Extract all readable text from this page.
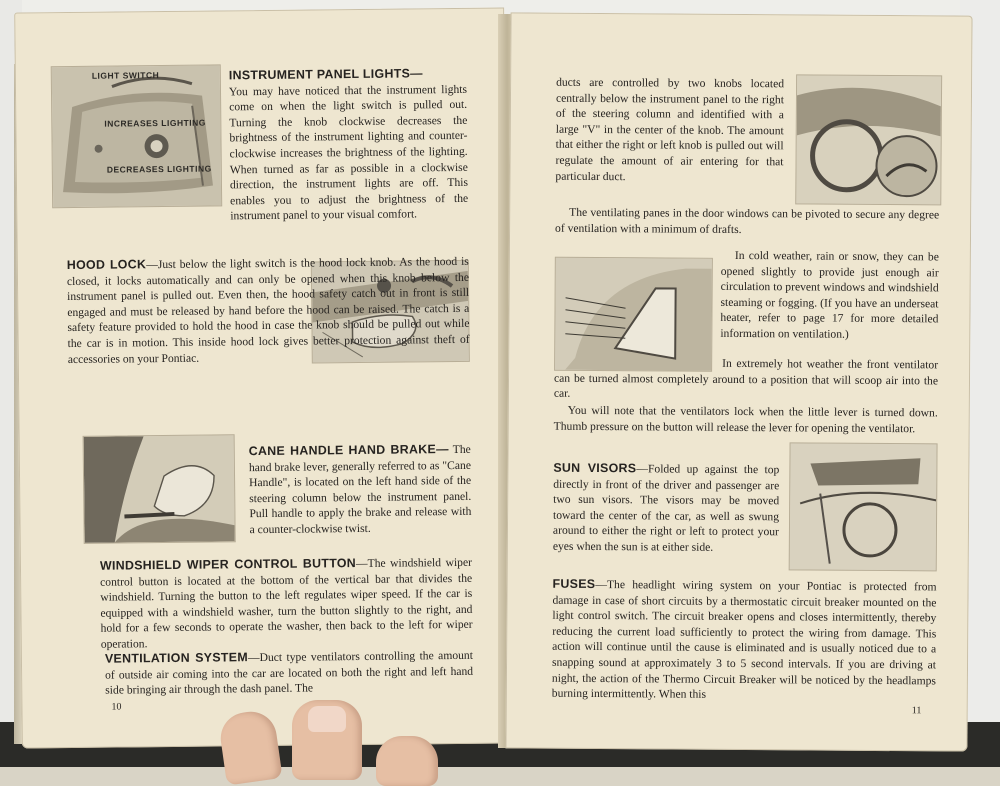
LIGHT SWITCH
INCREASES LIGHTING
DECREASES LIGHTING

INSTRUMENT PANEL LIGHTS—
You may have noticed that the instrument lights come on when the light switch is pulled out. Turning the knob clockwise decreases the brightness of the instrument lighting and counter-clockwise increases the brightness of the lighting. When turned as far as possible in a clockwise direction, the instrument lights are off. This enables you to adjust the brightness of the instrument panel to your visual comfort.

HOOD LOCK—Just below the light switch is the hood lock knob. As the hood is closed, it locks automatically and can only be opened when this knob below the instrument panel is pulled out. Even then, the hood safety catch out in front is still engaged and must be released by hand before the hood can be raised. The catch is a safety feature provided to hold the hood in case the knob should be pulled out while the car is in motion. This inside hood lock gives better protection against theft of accessories on your Pontiac.

CANE HANDLE HAND BRAKE— The hand brake lever, generally referred to as "Cane Handle", is located on the left hand side of the steering column below the instrument panel. Pull handle to apply the brake and release with a counter-clockwise twist.

WINDSHIELD WIPER CONTROL BUTTON—The windshield wiper control button is located at the bottom of the vertical bar that divides the windshield. Turning the button to the left regulates wiper speed. If the car is equipped with a windshield washer, turn the button slightly to the right, and hold for a few seconds to operate the washer, then back to the left for wiper operation.

VENTILATION SYSTEM—Duct type ventilators controlling the amount of outside air coming into the car are located on both the right and left hand side bringing air through the dash panel. The

10

ducts are controlled by two knobs located centrally below the instrument panel to the right of the steering column and identified with a large "V" in the center of the knob. The amount that either the right or left knob is pulled out will regulate the amount of air entering for that particular duct.

The ventilating panes in the door windows can be pivoted to secure any degree of ventilation with a minimum of drafts.

In cold weather, rain or snow, they can be opened slightly to provide just enough air circulation to prevent windows and windshield steaming or fogging. (If you have an underseat heater, refer to page 17 for more detailed information on ventilation.)

In extremely hot weather the front ventilator can be turned almost completely around to a position that will scoop air into the car.

You will note that the ventilators lock when the little lever is turned down. Thumb pressure on the button will release the lever for opening the ventilator.

SUN VISORS—Folded up against the top directly in front of the driver and passenger are two sun visors. The visors may be moved toward the center of the car, as well as swung around to either the right or left to protect your eyes when the sun is at either side.

FUSES—The headlight wiring system on your Pontiac is protected from damage in case of short circuits by a thermostatic circuit breaker mounted on the light control switch. The circuit breaker opens and closes intermittently, thereby reducing the current load sufficiently to protect the wiring from damage. This action will continue until the cause is eliminated and is usually noticed due to a snapping sound at approximately 3 to 5 second intervals. If you are driving at night, the action of the Thermo Circuit Breaker will be noticed by the headlamps burning intermittently. When this

11
